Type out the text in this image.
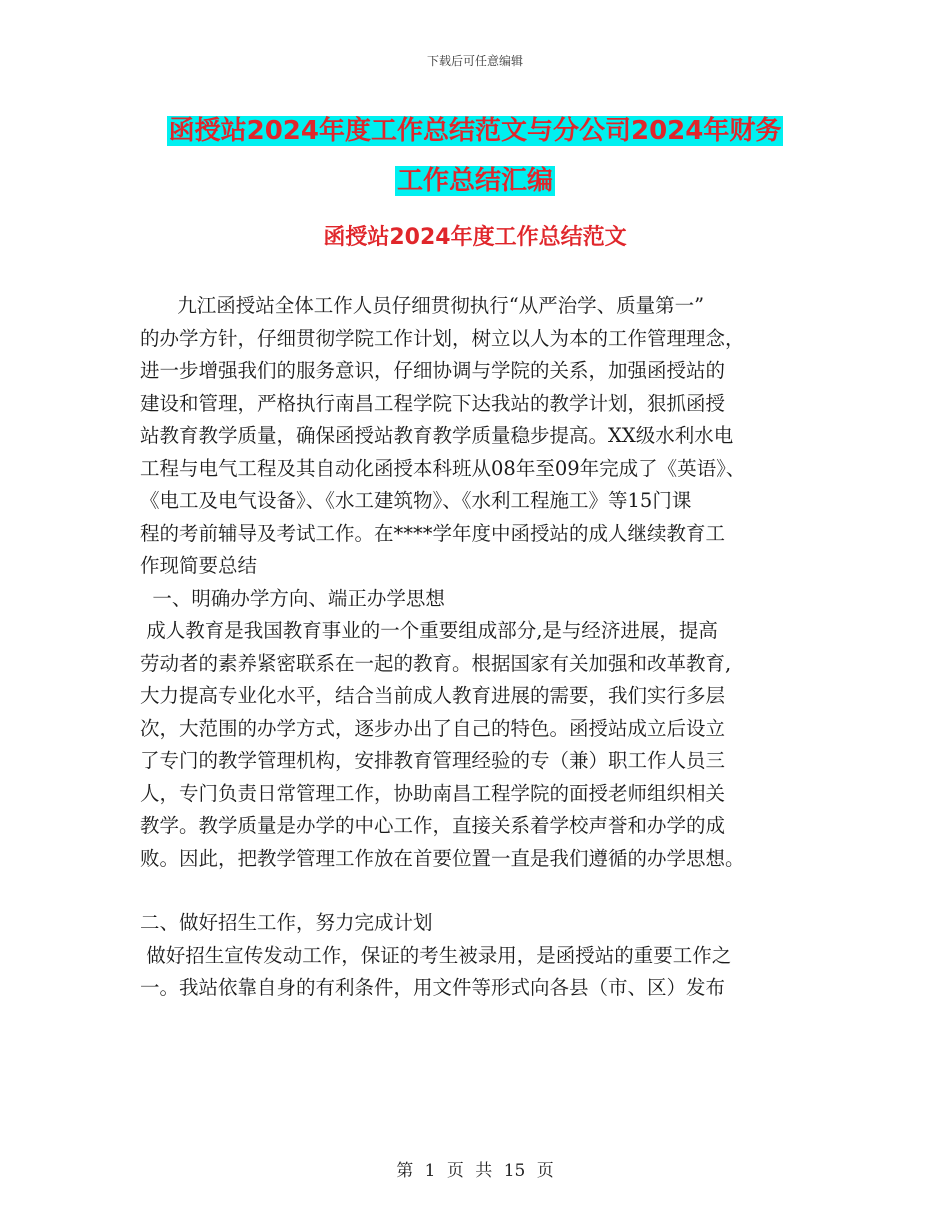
下载后可任意编辑
函授站2024年度工作总结范文与分公司2024年财务
工作总结汇编
函授站2024年度工作总结范文
九江函授站全体工作人员仔细贯彻执行“从严治学、质量第一”
的办学方针，仔细贯彻学院工作计划，树立以人为本的工作管理理念，
进一步增强我们的服务意识，仔细协调与学院的关系，加强函授站的
建设和管理，严格执行南昌工程学院下达我站的教学计划，狠抓函授
站教育教学质量，确保函授站教育教学质量稳步提高。XX级水利水电
工程与电气工程及其自动化函授本科班从08年至09年完成了《英语》、
《电工及电气设备》、《水工建筑物》、《水利工程施工》等15门课
程的考前辅导及考试工作。在****学年度中函授站的成人继续教育工
作现简要总结
一、明确办学方向、端正办学思想
成人教育是我国教育事业的一个重要组成部分,是与经济进展，提高
劳动者的素养紧密联系在一起的教育。根据国家有关加强和改革教育,
大力提高专业化水平，结合当前成人教育进展的需要，我们实行多层
次，大范围的办学方式，逐步办出了自己的特色。函授站成立后设立
了专门的教学管理机构，安排教育管理经验的专（兼）职工作人员三
人，专门负责日常管理工作，协助南昌工程学院的面授老师组织相关
教学。教学质量是办学的中心工作，直接关系着学校声誉和办学的成
败。因此，把教学管理工作放在首要位置一直是我们遵循的办学思想。
二、做好招生工作，努力完成计划
做好招生宣传发动工作，保证的考生被录用，是函授站的重要工作之
一。我站依靠自身的有利条件，用文件等形式向各县（市、区）发布
第 1 页 共 15 页
